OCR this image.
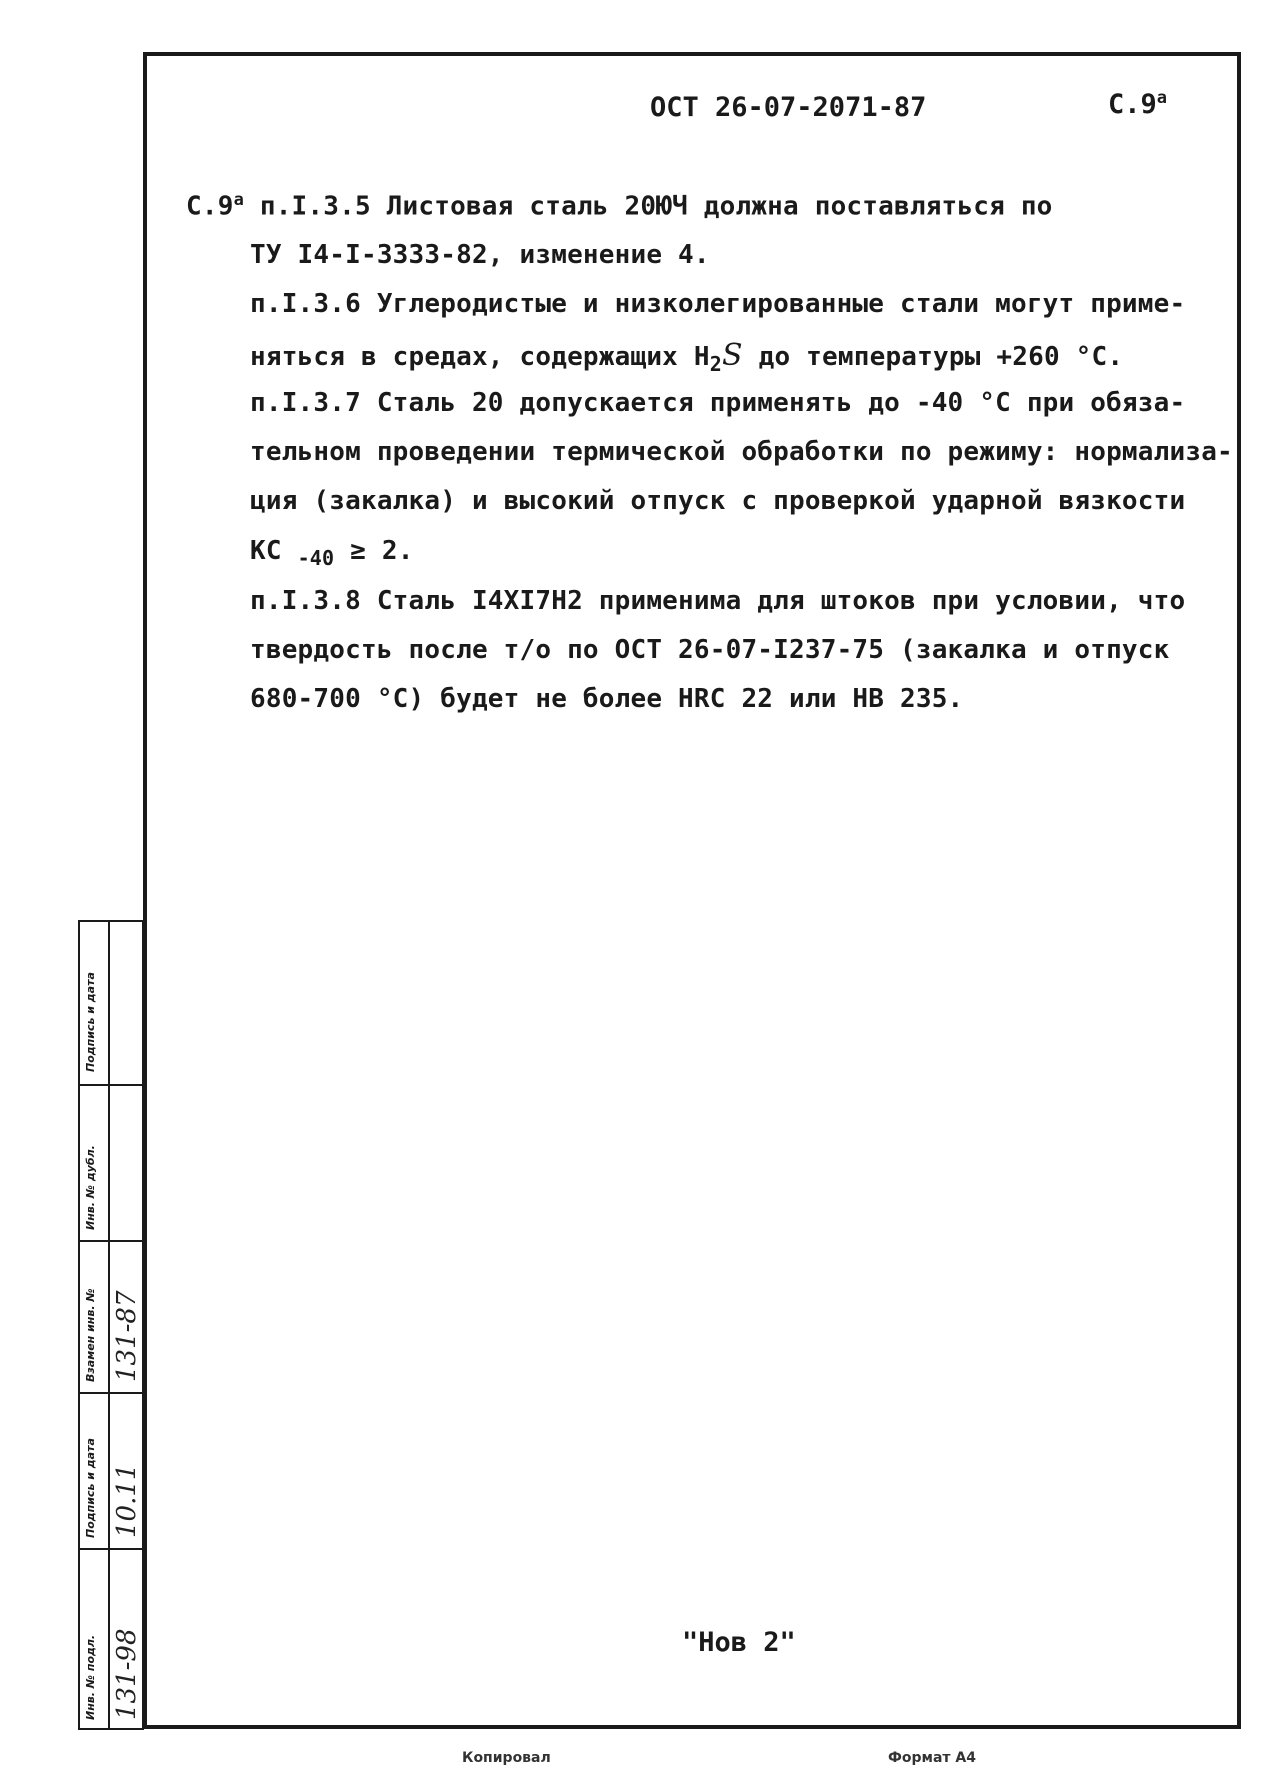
ОСТ 26-07-2071-87	$С.9^а$
$С.9^а$ п.I.3.5 Листовая сталь 20ЮЧ должна поставляться по
ТУ I4-I-3333-82, изменение 4.
п.I.3.6 Углеродистые и низколегированные стали могут приме-
няться в средах, содержащих $H_2S$ до температуры +260 °С.
п.I.3.7 Сталь 20 допускается применять до -40 °С при обяза-
тельном проведении термической обработки по режиму: нормализа-
ция (закалка) и высокий отпуск с проверкой ударной вязкости
КС $_{-40}$ ≥ 2.
п.I.3.8 Сталь I4ХI7Н2 применима для штоков при условии, что
твердость после т/о по ОСТ 26-07-I237-75 (закалка и отпуск
680-700 °С) будет не более HRC 22 или НВ 235.
"Нов 2"
Копировал	Формат А4
Подпись и дата
Инв. № дубл.
Взамен инв. № 131-87
Подпись и дата 10.11
Инв. № подл. 131-98
